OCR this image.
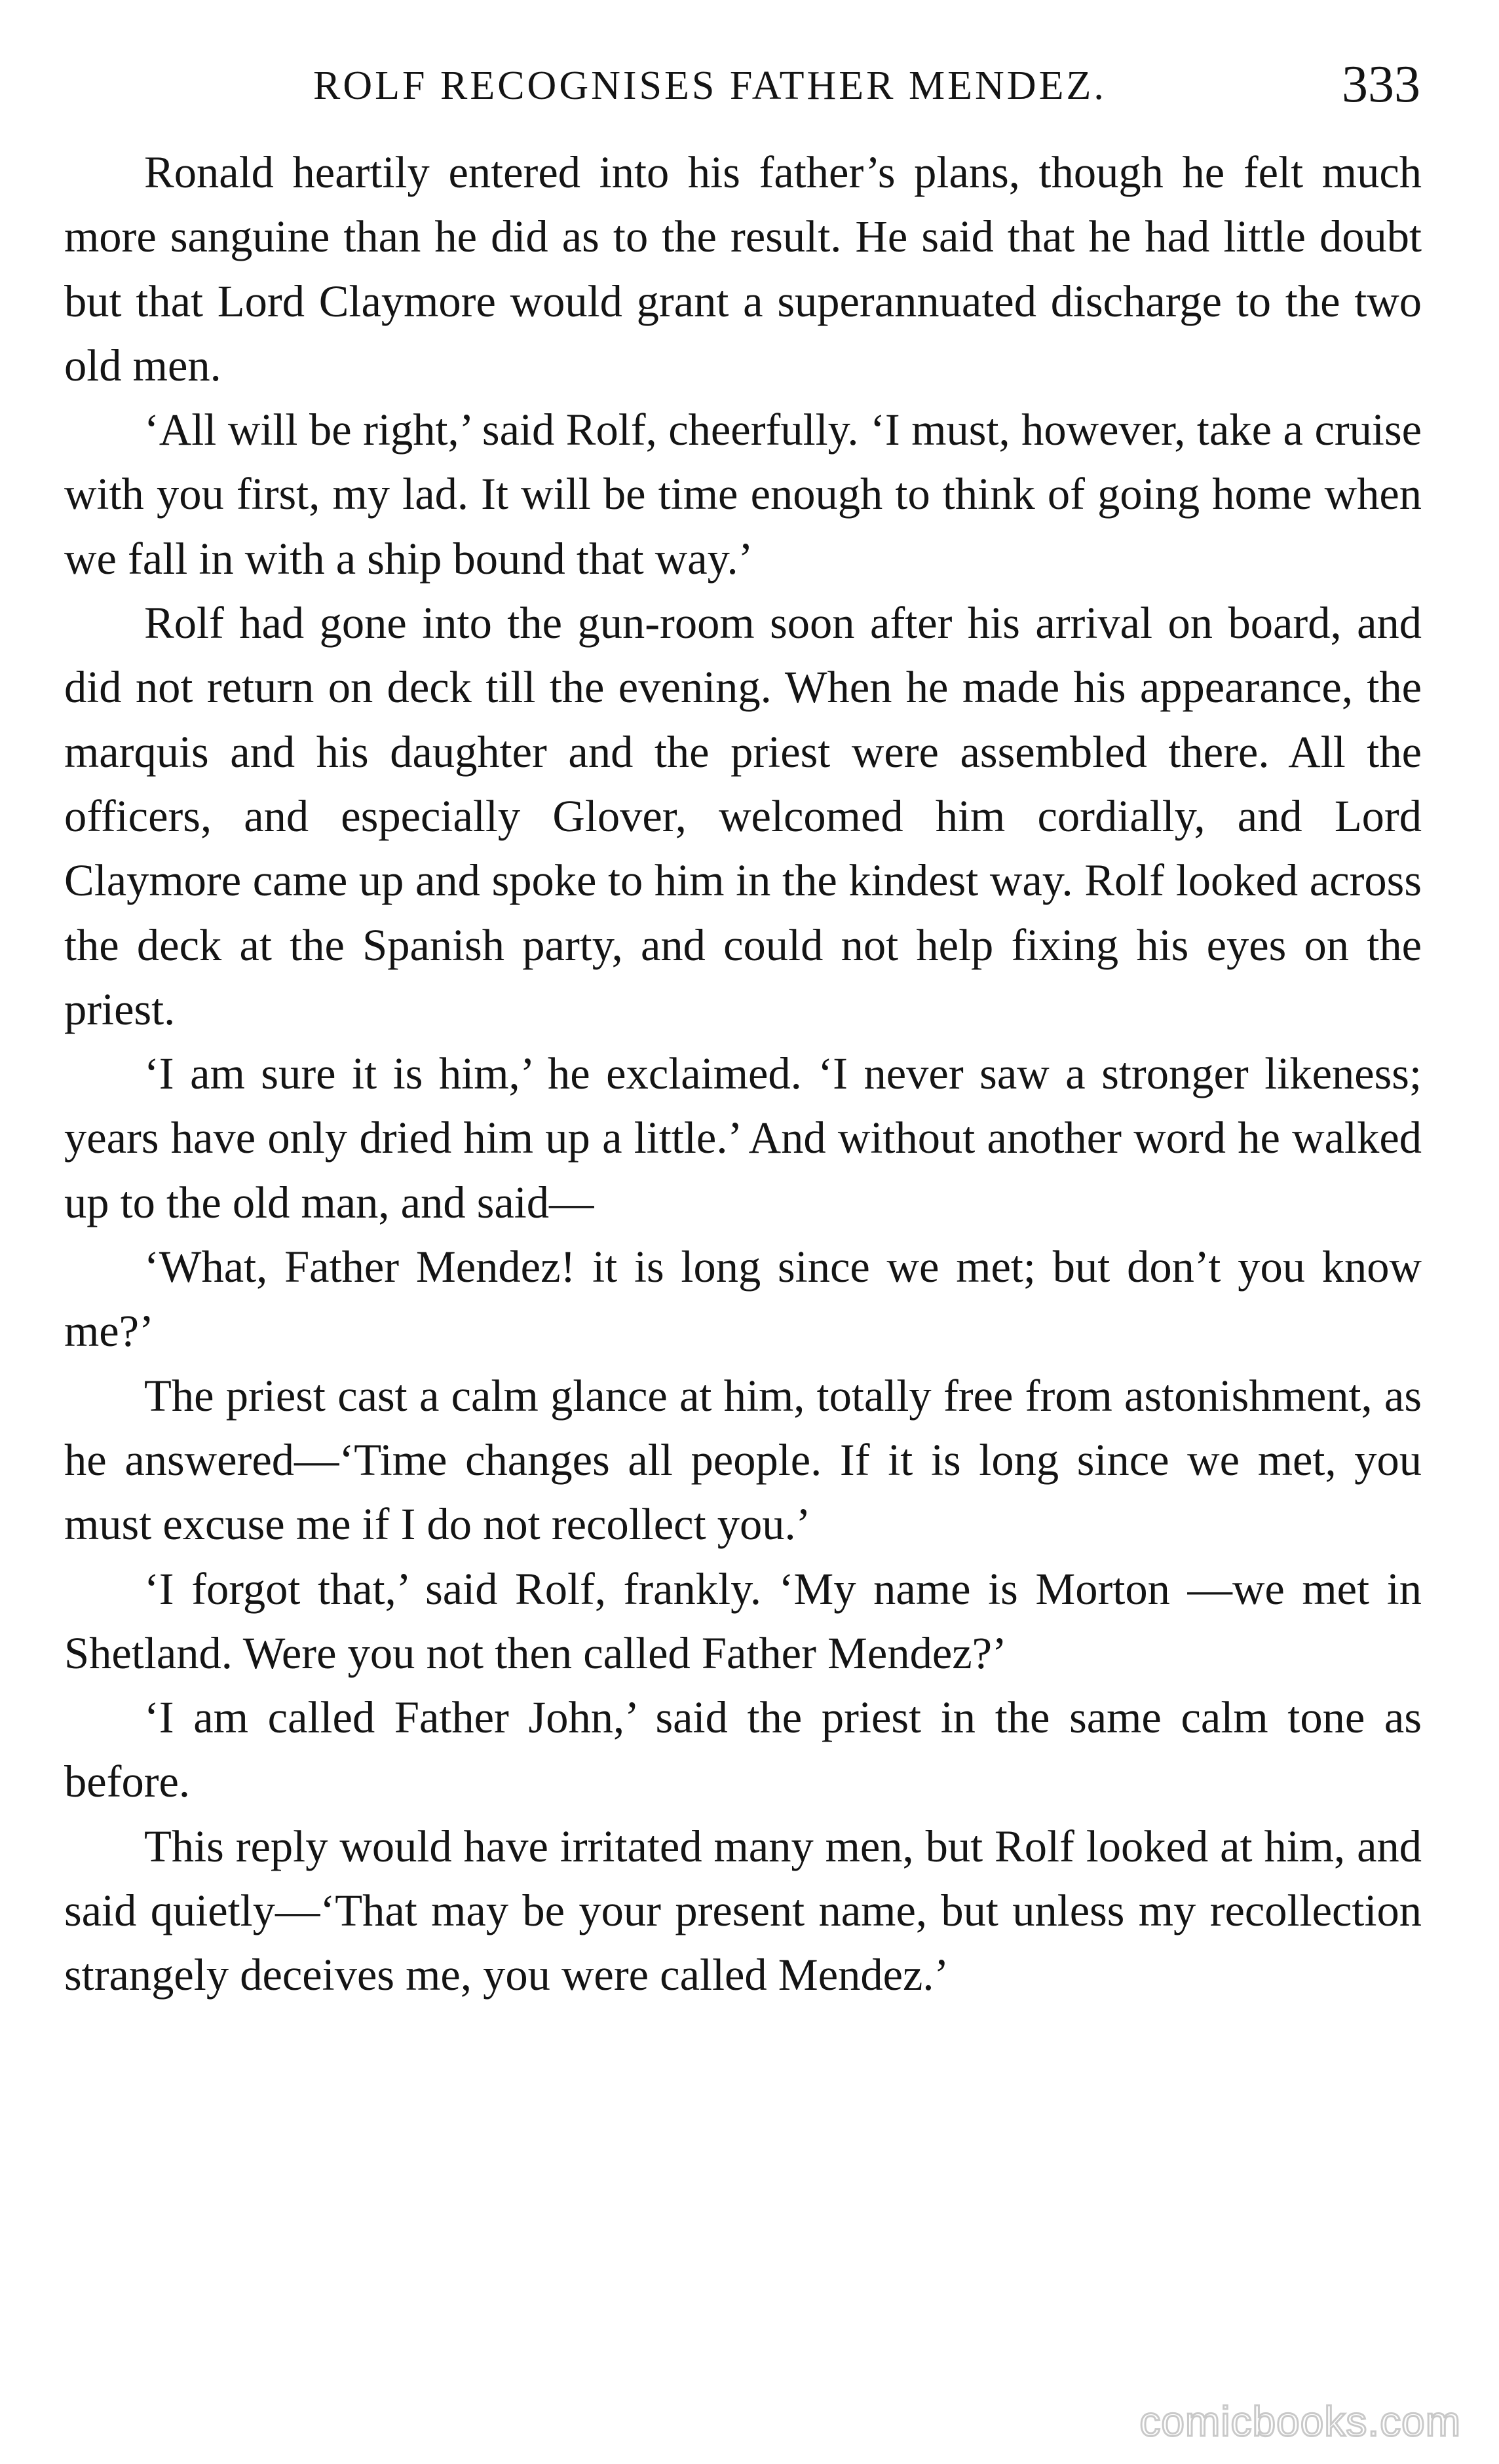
ROLF RECOGNISES FATHER MENDEZ.	333

Ronald heartily entered into his father’s plans, though he felt much more sanguine than he did as to the result. He said that he had little doubt but that Lord Claymore would grant a superannuated discharge to the two old men.

‘All will be right,’ said Rolf, cheerfully. ‘I must, however, take a cruise with you first, my lad. It will be time enough to think of going home when we fall in with a ship bound that way.’

Rolf had gone into the gun-room soon after his arrival on board, and did not return on deck till the evening. When he made his appearance, the marquis and his daughter and the priest were assembled there. All the officers, and especially Glover, welcomed him cordially, and Lord Claymore came up and spoke to him in the kindest way. Rolf looked across the deck at the Spanish party, and could not help fixing his eyes on the priest.

‘I am sure it is him,’ he exclaimed. ‘I never saw a stronger likeness; years have only dried him up a little.’ And without another word he walked up to the old man, and said—

‘What, Father Mendez! it is long since we met; but don’t you know me?’

The priest cast a calm glance at him, totally free from astonishment, as he answered—‘Time changes all people. If it is long since we met, you must excuse me if I do not recollect you.’

‘I forgot that,’ said Rolf, frankly. ‘My name is Morton —we met in Shetland. Were you not then called Father Mendez?’

‘I am called Father John,’ said the priest in the same calm tone as before.

This reply would have irritated many men, but Rolf looked at him, and said quietly—‘That may be your present name, but unless my recollection strangely deceives me, you were called Mendez.’

comicbooks.com
